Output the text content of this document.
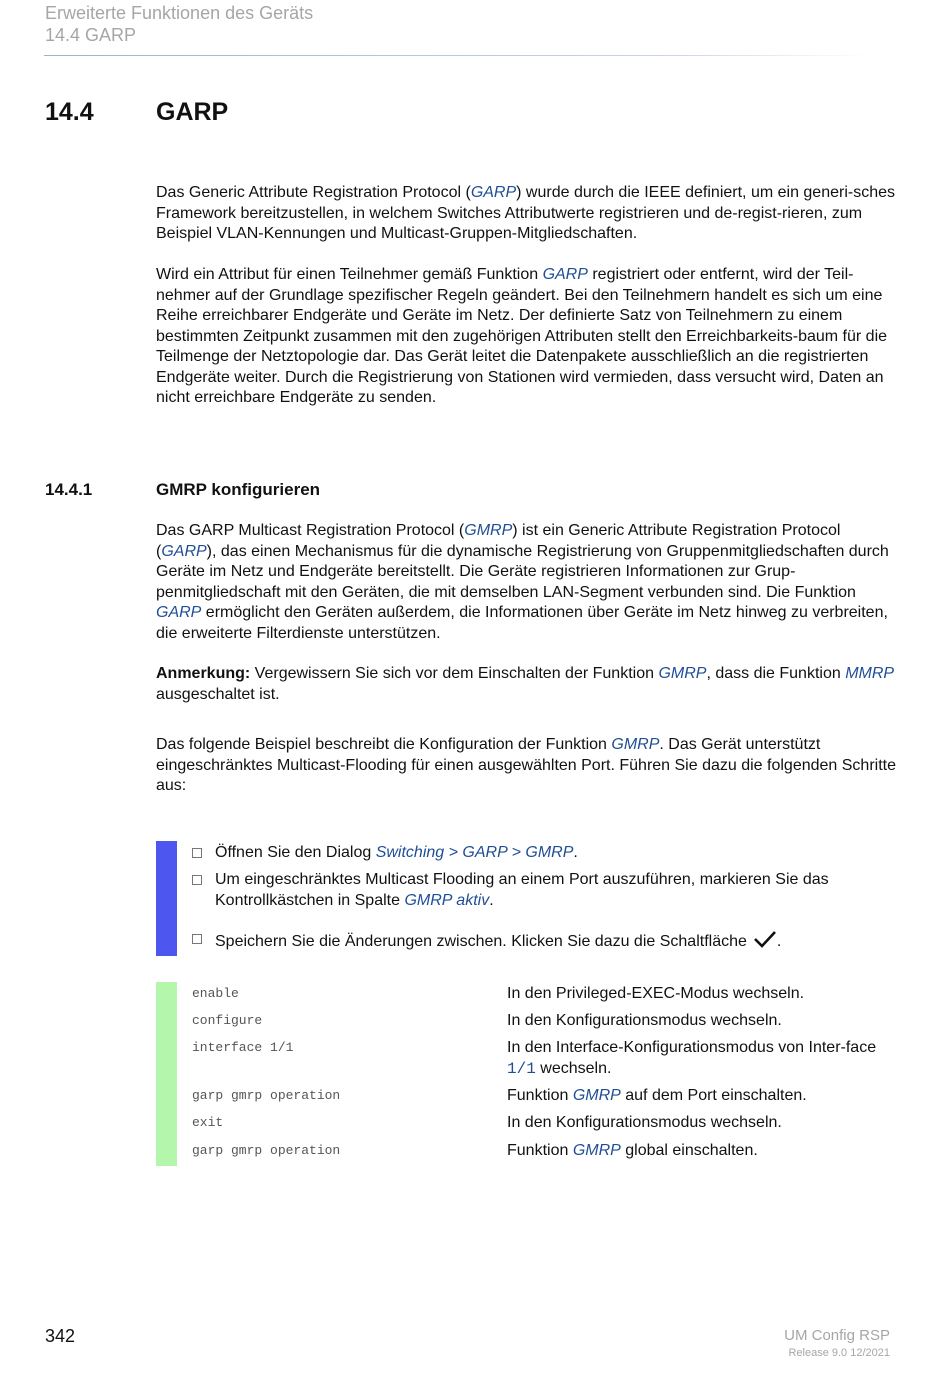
Erweiterte Funktionen des Geräts
14.4 GARP
14.4 GARP

Das Generic Attribute Registration Protocol (GARP) wurde durch die IEEE definiert, um ein generi-sches Framework bereitzustellen, in welchem Switches Attributwerte registrieren und de-regist-rieren, zum Beispiel VLAN-Kennungen und Multicast-Gruppen-Mitgliedschaften.

Wird ein Attribut für einen Teilnehmer gemäß Funktion GARP registriert oder entfernt, wird der Teil-nehmer auf der Grundlage spezifischer Regeln geändert. Bei den Teilnehmern handelt es sich um eine Reihe erreichbarer Endgeräte und Geräte im Netz. Der definierte Satz von Teilnehmern zu einem bestimmten Zeitpunkt zusammen mit den zugehörigen Attributen stellt den Erreichbarkeits-baum für die Teilmenge der Netztopologie dar. Das Gerät leitet die Datenpakete ausschließlich an die registrierten Endgeräte weiter. Durch die Registrierung von Stationen wird vermieden, dass versucht wird, Daten an nicht erreichbare Endgeräte zu senden.

14.4.1	GMRP konfigurieren

Das GARP Multicast Registration Protocol (GMRP) ist ein Generic Attribute Registration Protocol (GARP), das einen Mechanismus für die dynamische Registrierung von Gruppenmitgliedschaften durch Geräte im Netz und Endgeräte bereitstellt. Die Geräte registrieren Informationen zur Grup-penmitgliedschaft mit den Geräten, die mit demselben LAN-Segment verbunden sind. Die Funktion GARP ermöglicht den Geräten außerdem, die Informationen über Geräte im Netz hinweg zu verbreiten, die erweiterte Filterdienste unterstützen.

Anmerkung: Vergewissern Sie sich vor dem Einschalten der Funktion GMRP, dass die Funktion MMRP ausgeschaltet ist.

Das folgende Beispiel beschreibt die Konfiguration der Funktion GMRP. Das Gerät unterstützt eingeschränktes Multicast-Flooding für einen ausgewählten Port. Führen Sie dazu die folgenden Schritte aus:

Öffnen Sie den Dialog Switching > GARP > GMRP.
Um eingeschränktes Multicast Flooding an einem Port auszuführen, markieren Sie das Kontrollkästchen in Spalte GMRP aktiv.
Speichern Sie die Änderungen zwischen. Klicken Sie dazu die Schaltfläche .
enable	In den Privileged-EXEC-Modus wechseln.
configure	In den Konfigurationsmodus wechseln.
interface 1/1	In den Interface-Konfigurationsmodus von Inter-face 1/1 wechseln.
garp gmrp operation	Funktion GMRP auf dem Port einschalten.
exit	In den Konfigurationsmodus wechseln.
garp gmrp operation	Funktion GMRP global einschalten.
342	UM Config RSP
Release 9.0 12/2021
